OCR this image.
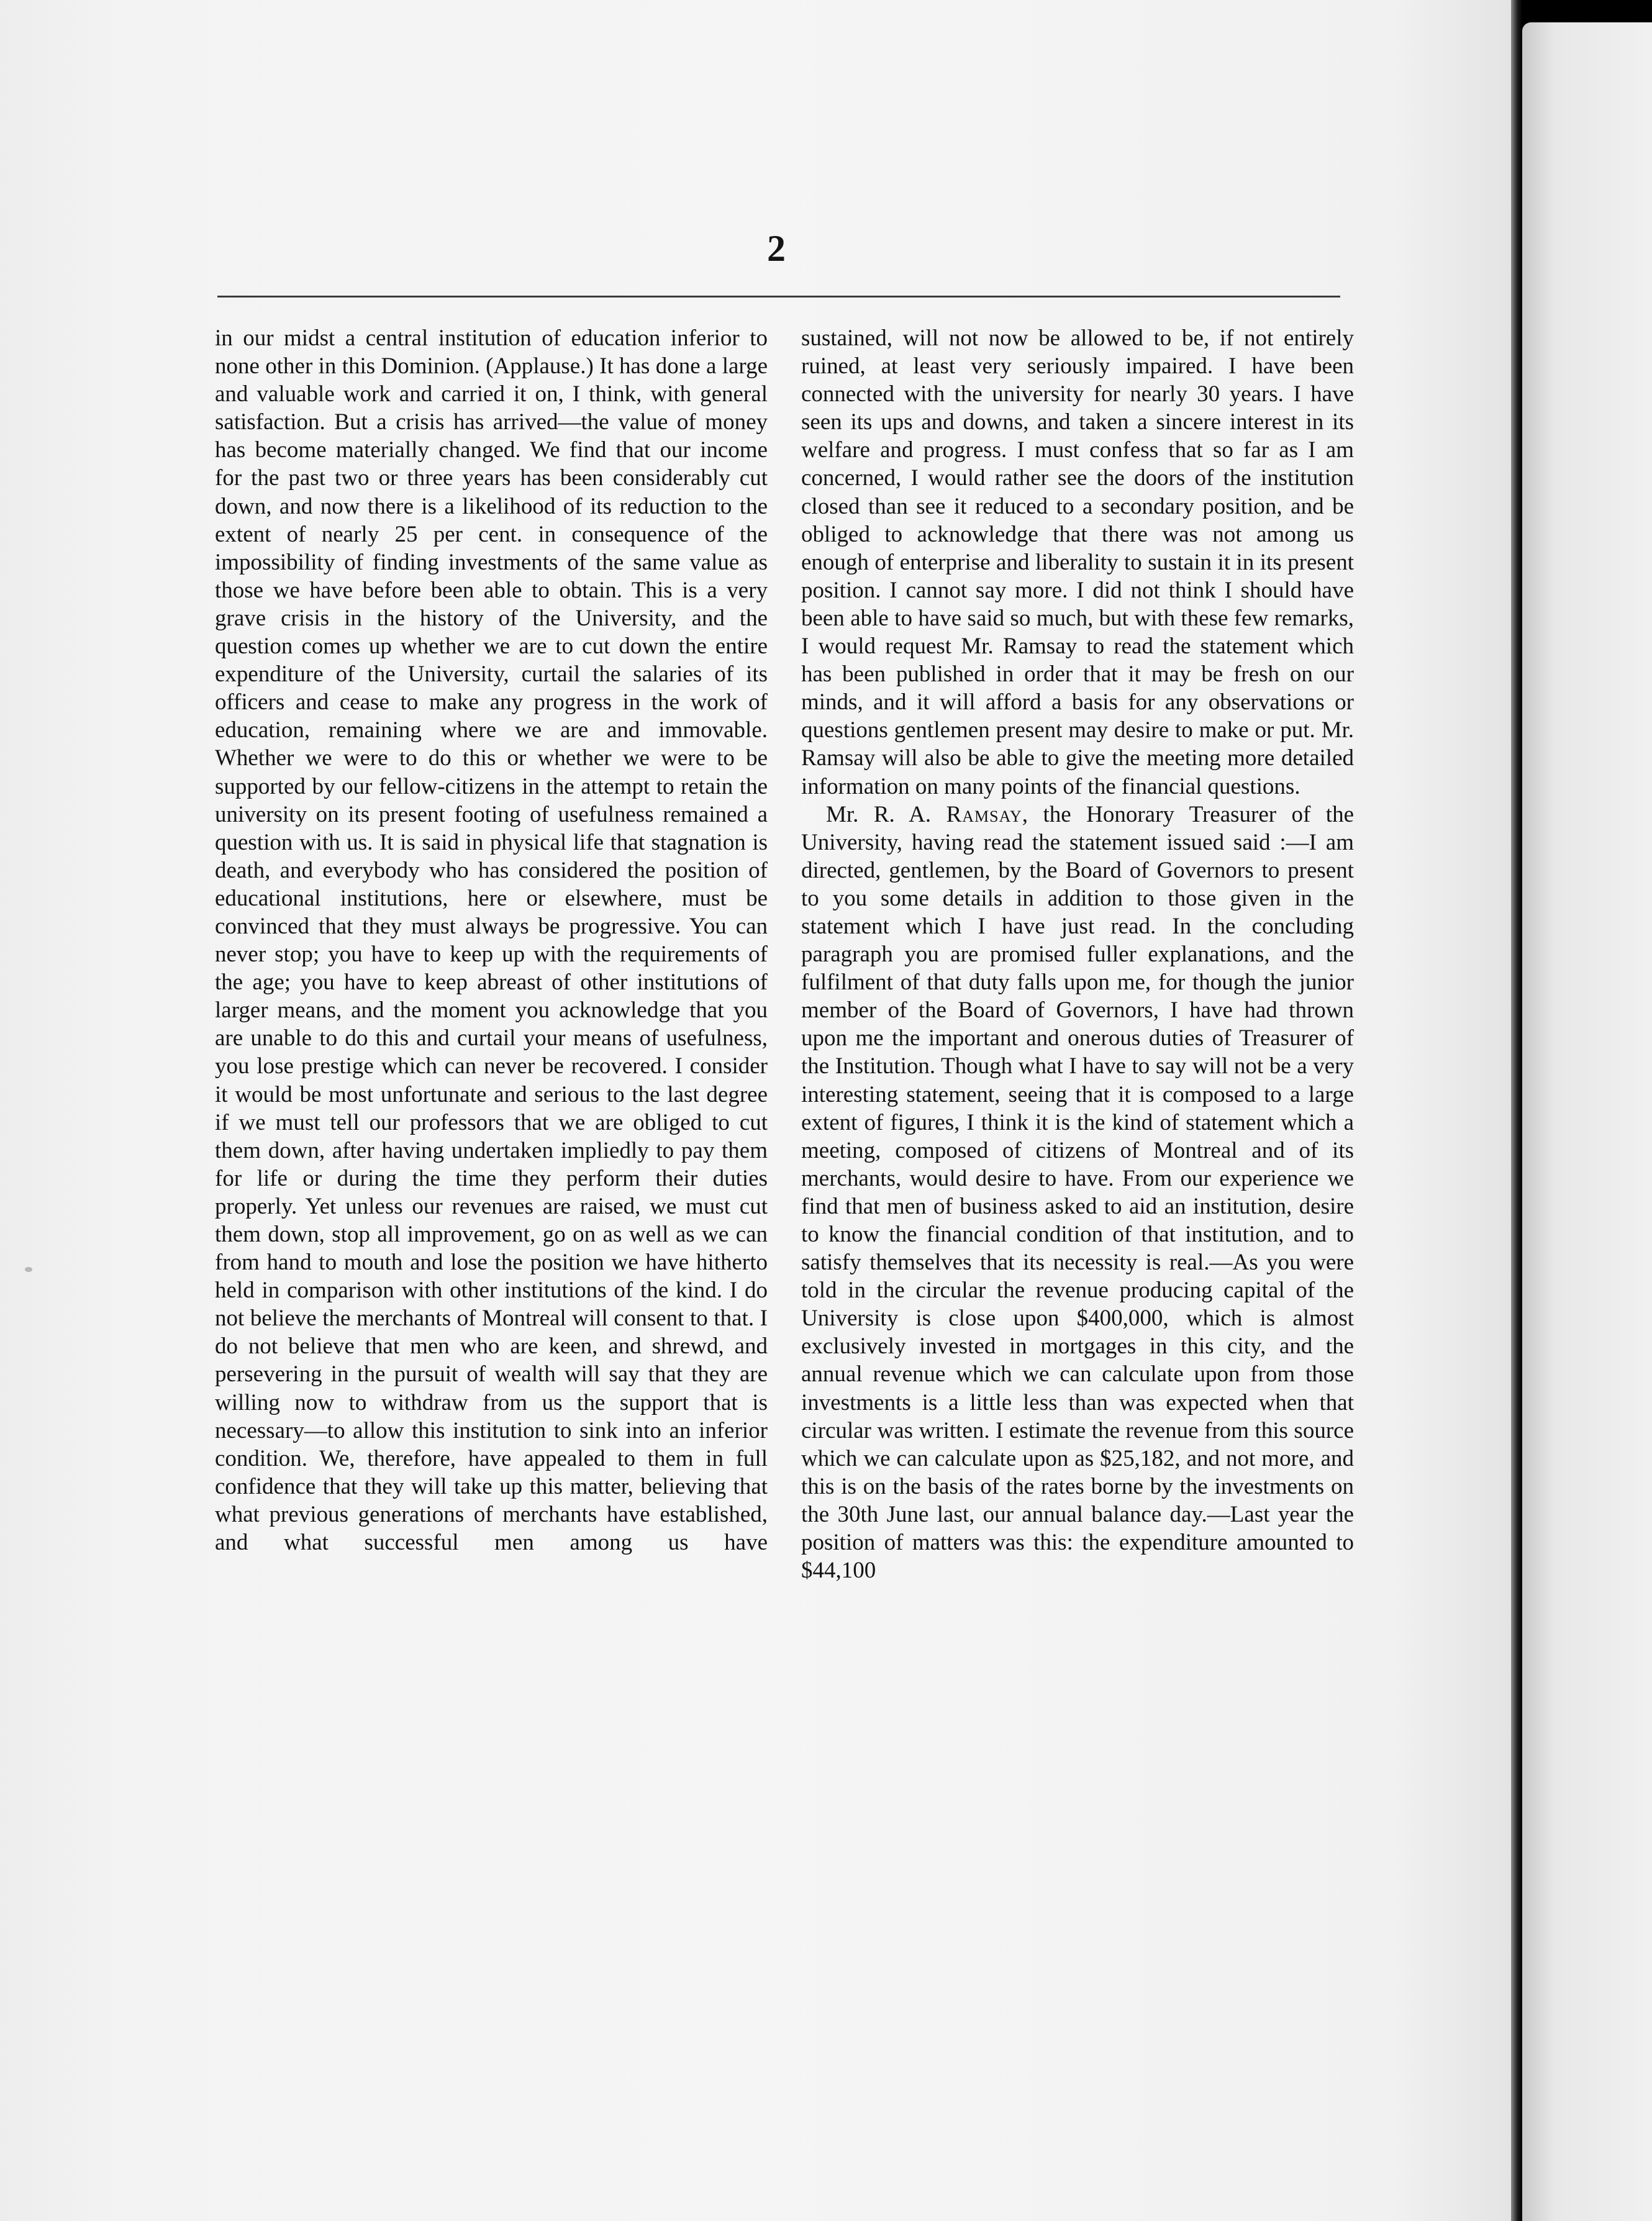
2

in our midst a central institution of education inferior to none other in this Dominion. (Applause.) It has done a large and valuable work and carried it on, I think, with general satisfaction. But a crisis has arrived—the value of money has become materially changed. We find that our income for the past two or three years has been considerably cut down, and now there is a likelihood of its reduction to the extent of nearly 25 per cent. in consequence of the impossibility of finding investments of the same value as those we have before been able to obtain. This is a very grave crisis in the history of the University, and the question comes up whether we are to cut down the entire expenditure of the University, curtail the salaries of its officers and cease to make any progress in the work of education, remaining where we are and immovable. Whether we were to do this or whether we were to be supported by our fellow-citizens in the attempt to retain the university on its present footing of usefulness remained a question with us. It is said in physical life that stagnation is death, and everybody who has considered the position of educational institutions, here or elsewhere, must be convinced that they must always be progressive. You can never stop; you have to keep up with the requirements of the age; you have to keep abreast of other institutions of larger means, and the moment you acknowledge that you are unable to do this and curtail your means of usefulness, you lose prestige which can never be recovered. I consider it would be most unfortunate and serious to the last degree if we must tell our professors that we are obliged to cut them down, after having undertaken impliedly to pay them for life or during the time they perform their duties properly. Yet unless our revenues are raised, we must cut them down, stop all improvement, go on as well as we can from hand to mouth and lose the position we have hitherto held in comparison with other institutions of the kind. I do not believe the merchants of Montreal will consent to that. I do not believe that men who are keen, and shrewd, and persevering in the pursuit of wealth will say that they are willing now to withdraw from us the support that is necessary—to allow this institution to sink into an inferior condition. We, therefore, have appealed to them in full confidence that they will take up this matter, believing that what previous generations of merchants have established, and what successful men among us have

sustained, will not now be allowed to be, if not entirely ruined, at least very seriously impaired. I have been connected with the university for nearly 30 years. I have seen its ups and downs, and taken a sincere interest in its welfare and progress. I must confess that so far as I am concerned, I would rather see the doors of the institution closed than see it reduced to a secondary position, and be obliged to acknowledge that there was not among us enough of enterprise and liberality to sustain it in its present position. I cannot say more. I did not think I should have been able to have said so much, but with these few remarks, I would request Mr. Ramsay to read the statement which has been published in order that it may be fresh on our minds, and it will afford a basis for any observations or questions gentlemen present may desire to make or put. Mr. Ramsay will also be able to give the meeting more detailed information on many points of the financial questions.

Mr. R. A. Ramsay, the Honorary Treasurer of the University, having read the statement issued said :—I am directed, gentlemen, by the Board of Governors to present to you some details in addition to those given in the statement which I have just read. In the concluding paragraph you are promised fuller explanations, and the fulfilment of that duty falls upon me, for though the junior member of the Board of Governors, I have had thrown upon me the important and onerous duties of Treasurer of the Institution. Though what I have to say will not be a very interesting statement, seeing that it is composed to a large extent of figures, I think it is the kind of statement which a meeting, composed of citizens of Montreal and of its merchants, would desire to have. From our experience we find that men of business asked to aid an institution, desire to know the financial condition of that institution, and to satisfy themselves that its necessity is real.—As you were told in the circular the revenue producing capital of the University is close upon $400,000, which is almost exclusively invested in mortgages in this city, and the annual revenue which we can calculate upon from those investments is a little less than was expected when that circular was written. I estimate the revenue from this source which we can calculate upon as $25,182, and not more, and this is on the basis of the rates borne by the investments on the 30th June last, our annual balance day.—Last year the position of matters was this: the expenditure amounted to $44,100
